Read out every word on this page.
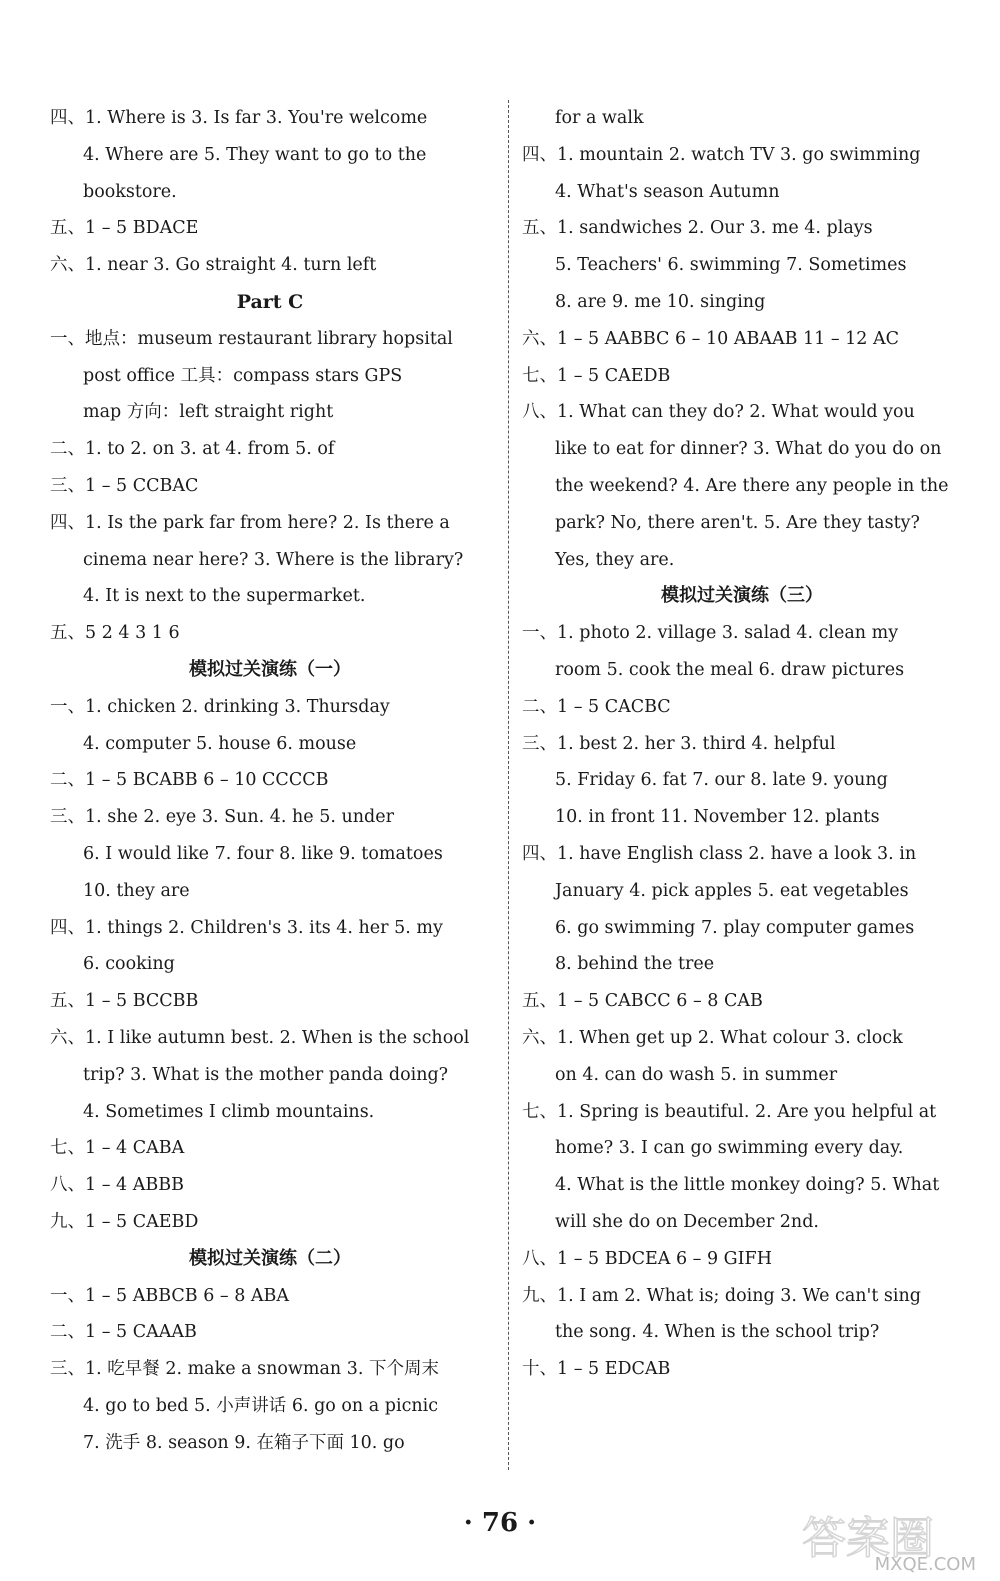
四、1. Where is 3. Is far 3. You're welcome
4. Where are 5. They want to go to the
bookstore.
五、1 – 5 BDACE
六、1. near 3. Go straight 4. turn left
Part C
一、地点：museum restaurant library hopsital
post office 工具：compass stars GPS
map 方向：left straight right
二、1. to 2. on 3. at 4. from 5. of
三、1 – 5 CCBAC
四、1. Is the park far from here? 2. Is there a
cinema near here? 3. Where is the library?
4. It is next to the supermarket.
五、5 2 4 3 1 6
模拟过关演练（一）
一、1. chicken 2. drinking 3. Thursday
4. computer 5. house 6. mouse
二、1 – 5 BCABB 6 – 10 CCCCB
三、1. she 2. eye 3. Sun. 4. he 5. under
6. I would like 7. four 8. like 9. tomatoes
10. they are
四、1. things 2. Children's 3. its 4. her 5. my
6. cooking
五、1 – 5 BCCBB
六、1. I like autumn best. 2. When is the school
trip? 3. What is the mother panda doing?
4. Sometimes I climb mountains.
七、1 – 4 CABA
八、1 – 4 ABBB
九、1 – 5 CAEBD
模拟过关演练（二）
一、1 – 5 ABBCB 6 – 8 ABA
二、1 – 5 CAAAB
三、1. 吃早餐 2. make a snowman 3. 下个周末
4. go to bed 5. 小声讲话 6. go on a picnic
7. 洗手 8. season 9. 在箱子下面 10. go
for a walk
四、1. mountain 2. watch TV 3. go swimming
4. What's season Autumn
五、1. sandwiches 2. Our 3. me 4. plays
5. Teachers' 6. swimming 7. Sometimes
8. are 9. me 10. singing
六、1 – 5 AABBC 6 – 10 ABAAB 11 – 12 AC
七、1 – 5 CAEDB
八、1. What can they do? 2. What would you
like to eat for dinner? 3. What do you do on
the weekend? 4. Are there any people in the
park? No, there aren't. 5. Are they tasty?
Yes, they are.
模拟过关演练（三）
一、1. photo 2. village 3. salad 4. clean my
room 5. cook the meal 6. draw pictures
二、1 – 5 CACBC
三、1. best 2. her 3. third 4. helpful
5. Friday 6. fat 7. our 8. late 9. young
10. in front 11. November 12. plants
四、1. have English class 2. have a look 3. in
January 4. pick apples 5. eat vegetables
6. go swimming 7. play computer games
8. behind the tree
五、1 – 5 CABCC 6 – 8 CAB
六、1. When get up 2. What colour 3. clock
on 4. can do wash 5. in summer
七、1. Spring is beautiful. 2. Are you helpful at
home? 3. I can go swimming every day.
4. What is the little monkey doing? 5. What
will she do on December 2nd.
八、1 – 5 BDCEA 6 – 9 GIFH
九、1. I am 2. What is; doing 3. We can't sing
the song. 4. When is the school trip?
十、1 – 5 EDCAB
· 76 ·	答案圈
MXQE.COM
